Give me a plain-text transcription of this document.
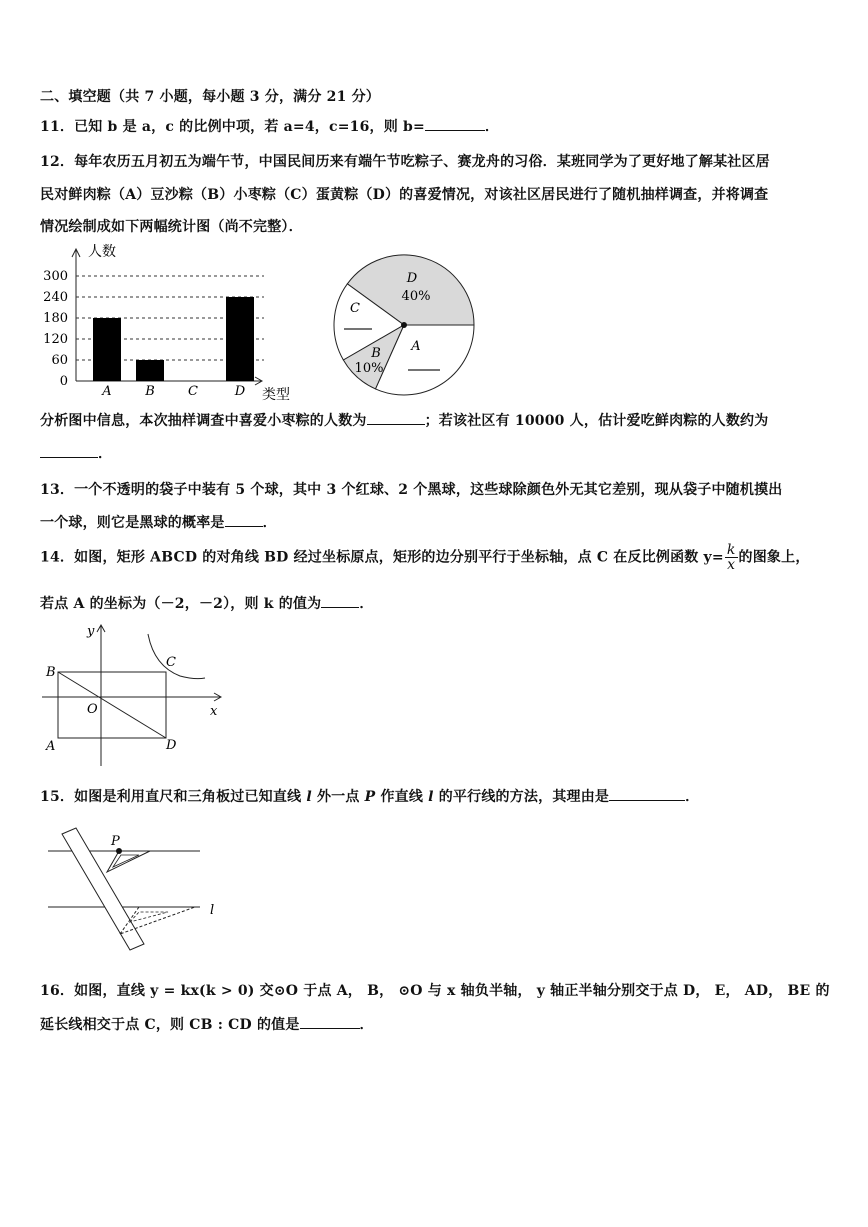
二、填空题（共 7 小题，每小题 3 分，满分 21 分）
11．已知 b 是 a，c 的比例中项，若 a=4，c=16，则 b=	．
12．每年农历五月初五为端午节，中国民间历来有端午节吃粽子、赛龙舟的习俗．某班同学为了更好地了解某社区居
民对鲜肉粽（A）豆沙粽（B）小枣粽（C）蛋黄粽（D）的喜爱情况，对该社区居民进行了随机抽样调查，并将调查
情况绘制成如下两幅统计图（尚不完整）．
0
60
120
180
240
300
A	B	C	D
人数
类型
D
40%
C
B
10%
A
分析图中信息，本次抽样调查中喜爱小枣粽的人数为	；若该社区有 10000 人，估计爱吃鲜肉粽的人数约为
．
13．一个不透明的袋子中装有 5 个球，其中 3 个红球、2 个黑球，这些球除颜色外无其它差别，现从袋子中随机摸出
一个球，则它是黑球的概率是	．
14．如图，矩形 ABCD 的对角线 BD 经过坐标原点，矩形的边分别平行于坐标轴，点 C 在反比例函数 $y= \frac{k}{x}$ 的图象上，
若点 A 的坐标为（－2，－2），则 k 的值为	．
y
x
B
C
O
A	D
15．如图是利用直尺和三角板过已知直线 l 外一点 P 作直线 l 的平行线的方法，其理由是	．
P
l
16．如图，直线 y = kx(k > 0) 交⊙O 于点 A， B， ⊙O 与 x 轴负半轴， y 轴正半轴分别交于点 D， E， AD， BE 的
延长线相交于点 C，则 CB : CD 的值是	．
